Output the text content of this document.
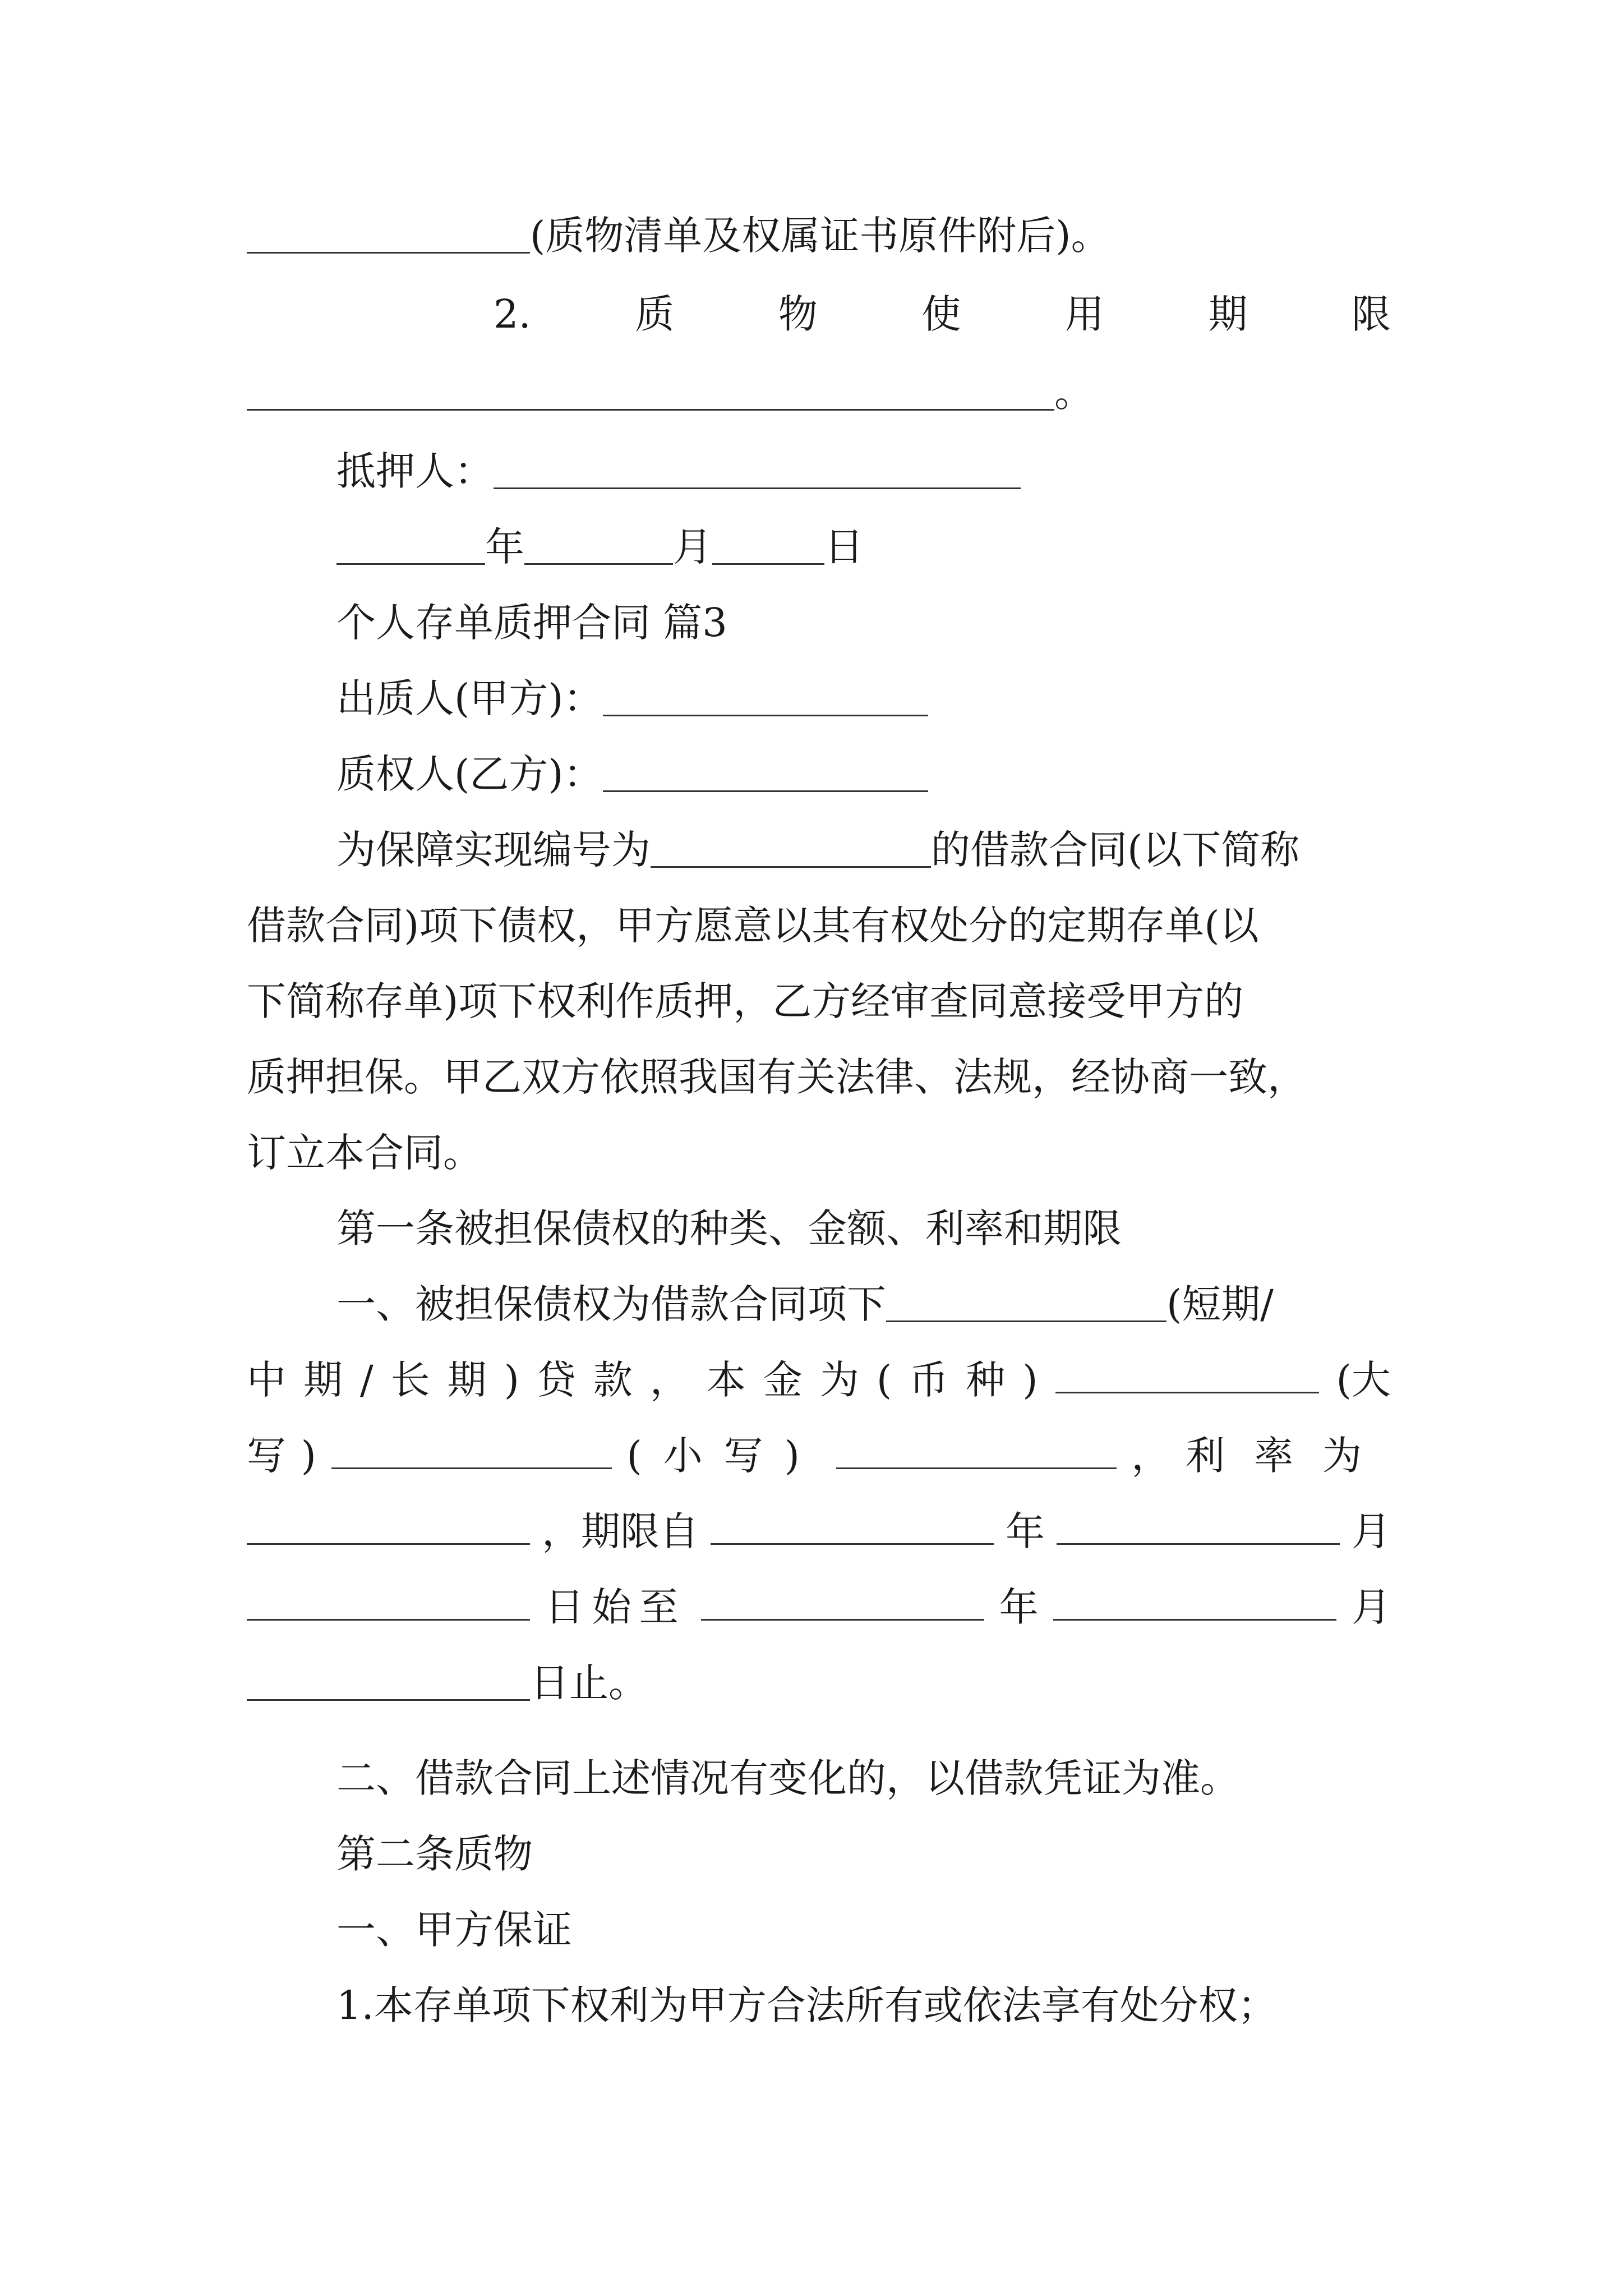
(质物清单及权属证书原件附后)。
2.	质	物	使	用	期	限
。
抵押人：
年	月	日
个人存单质押合同 篇3
出质人(甲方)：
质权人(乙方)：
为保障实现编号为	的借款合同(以下简称
借款合同)项下债权，甲方愿意以其有权处分的定期存单(以
下简称存单)项下权利作质押，乙方经审查同意接受甲方的
质押担保。甲乙双方依照我国有关法律、法规，经协商一致，
订立本合同。
第一条被担保债权的种类、金额、利率和期限
一、被担保债权为借款合同项下	(短期/
中 期 / 长 期 ) 贷 款 ， 本 金 为 ( 币 种 )	(大
写 )	(小写)	， 利率为
，期限自	年	月
日始至	年	月
日止。
二、借款合同上述情况有变化的，以借款凭证为准。
第二条质物
一、甲方保证
1.本存单项下权利为甲方合法所有或依法享有处分权；
